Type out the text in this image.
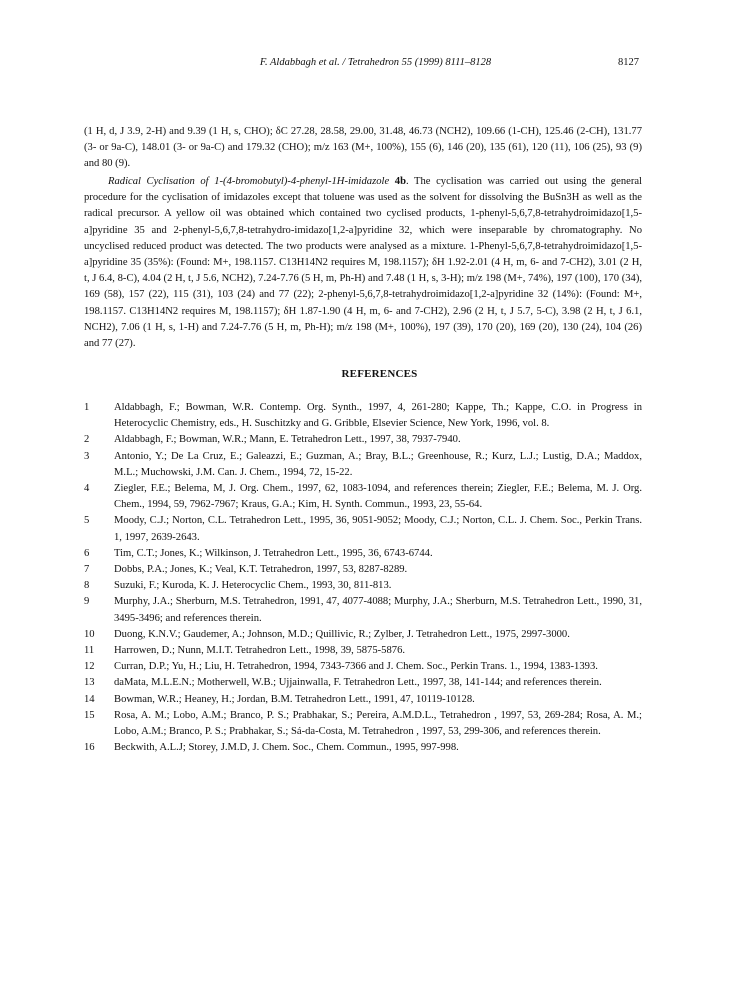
F. Aldabbagh et al. / Tetrahedron 55 (1999) 8111–8128	8127

(1 H, d, J 3.9, 2-H) and 9.39 (1 H, s, CHO); δC 27.28, 28.58, 29.00, 31.48, 46.73 (NCH2), 109.66 (1-CH), 125.46 (2-CH), 131.77 (3- or 9a-C), 148.01 (3- or 9a-C) and 179.32 (CHO); m/z 163 (M+, 100%), 155 (6), 146 (20), 135 (61), 120 (11), 106 (25), 93 (9) and 80 (9).

Radical Cyclisation of 1-(4-bromobutyl)-4-phenyl-1H-imidazole 4b. The cyclisation was carried out using the general procedure for the cyclisation of imidazoles except that toluene was used as the solvent for dissolving the BuSn3H as well as the radical precursor. A yellow oil was obtained which contained two cyclised products, 1-phenyl-5,6,7,8-tetrahydroimidazo[1,5-a]pyridine 35 and 2-phenyl-5,6,7,8-tetrahydro-imidazo[1,2-a]pyridine 32, which were inseparable by chromatography. No uncyclised reduced product was detected. The two products were analysed as a mixture. 1-Phenyl-5,6,7,8-tetrahydroimidazo[1,5-a]pyridine 35 (35%): (Found: M+, 198.1157. C13H14N2 requires M, 198.1157); δH 1.92-2.01 (4 H, m, 6- and 7-CH2), 3.01 (2 H, t, J 6.4, 8-C), 4.04 (2 H, t, J 5.6, NCH2), 7.24-7.76 (5 H, m, Ph-H) and 7.48 (1 H, s, 3-H); m/z 198 (M+, 74%), 197 (100), 170 (34), 169 (58), 157 (22), 115 (31), 103 (24) and 77 (22); 2-phenyl-5,6,7,8-tetrahydroimidazo[1,2-a]pyridine 32 (14%): (Found: M+, 198.1157. C13H14N2 requires M, 198.1157); δH 1.87-1.90 (4 H, m, 6- and 7-CH2), 2.96 (2 H, t, J 5.7, 5-C), 3.98 (2 H, t, J 6.1, NCH2), 7.06 (1 H, s, 1-H) and 7.24-7.76 (5 H, m, Ph-H); m/z 198 (M+, 100%), 197 (39), 170 (20), 169 (20), 130 (24), 104 (26) and 77 (27).

REFERENCES
1	Aldabbagh, F.; Bowman, W.R. Contemp. Org. Synth., 1997, 4, 261-280; Kappe, Th.; Kappe, C.O. in Progress in Heterocyclic Chemistry, eds., H. Suschitzky and G. Gribble, Elsevier Science, New York, 1996, vol. 8.
2	Aldabbagh, F.; Bowman, W.R.; Mann, E. Tetrahedron Lett., 1997, 38, 7937-7940.
3	Antonio, Y.; De La Cruz, E.; Galeazzi, E.; Guzman, A.; Bray, B.L.; Greenhouse, R.; Kurz, L.J.; Lustig, D.A.; Maddox, M.L.; Muchowski, J.M. Can. J. Chem., 1994, 72, 15-22.
4	Ziegler, F.E.; Belema, M, J. Org. Chem., 1997, 62, 1083-1094, and references therein; Ziegler, F.E.; Belema, M. J. Org. Chem., 1994, 59, 7962-7967; Kraus, G.A.; Kim, H. Synth. Commun., 1993, 23, 55-64.
5	Moody, C.J.; Norton, C.L. Tetrahedron Lett., 1995, 36, 9051-9052; Moody, C.J.; Norton, C.L. J. Chem. Soc., Perkin Trans. 1, 1997, 2639-2643.
6	Tim, C.T.; Jones, K.; Wilkinson, J. Tetrahedron Lett., 1995, 36, 6743-6744.
7	Dobbs, P.A.; Jones, K.; Veal, K.T. Tetrahedron, 1997, 53, 8287-8289.
8	Suzuki, F.; Kuroda, K. J. Heterocyclic Chem., 1993, 30, 811-813.
9	Murphy, J.A.; Sherburn, M.S. Tetrahedron, 1991, 47, 4077-4088; Murphy, J.A.; Sherburn, M.S. Tetrahedron Lett., 1990, 31, 3495-3496; and references therein.
10	Duong, K.N.V.; Gaudemer, A.; Johnson, M.D.; Quillivic, R.; Zylber, J. Tetrahedron Lett., 1975, 2997-3000.
11	Harrowen, D.; Nunn, M.I.T. Tetrahedron Lett., 1998, 39, 5875-5876.
12	Curran, D.P.; Yu, H.; Liu, H. Tetrahedron, 1994, 7343-7366 and J. Chem. Soc., Perkin Trans. 1., 1994, 1383-1393.
13	daMata, M.L.E.N.; Motherwell, W.B.; Ujjainwalla, F. Tetrahedron Lett., 1997, 38, 141-144; and references therein.
14	Bowman, W.R.; Heaney, H.; Jordan, B.M. Tetrahedron Lett., 1991, 47, 10119-10128.
15	Rosa, A. M.; Lobo, A.M.; Branco, P. S.; Prabhakar, S.; Pereira, A.M.D.L., Tetrahedron , 1997, 53, 269-284; Rosa, A. M.; Lobo, A.M.; Branco, P. S.; Prabhakar, S.; Sá-da-Costa, M. Tetrahedron , 1997, 53, 299-306, and references therein.
16	Beckwith, A.L.J; Storey, J.M.D, J. Chem. Soc., Chem. Commun., 1995, 997-998.
